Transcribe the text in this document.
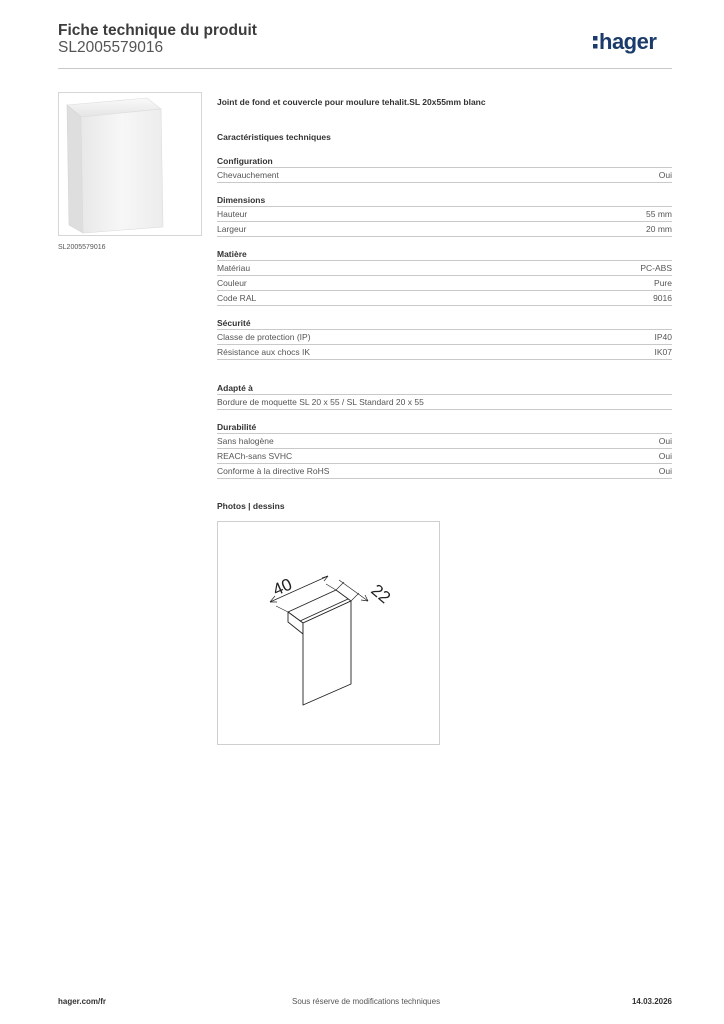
Fiche technique du produit
SL2005579016	hager
SL2005579016
Joint de fond et couvercle pour moulure tehalit.SL 20x55mm blanc
Caractéristiques techniques
Configuration
Chevauchement	Oui
Dimensions
Hauteur	55 mm
Largeur	20 mm
Matière
Matériau	PC-ABS
Couleur	Pure
Code RAL	9016
Sécurité
Classe de protection (IP)	IP40
Résistance aux chocs IK	IK07
Adapté à
Bordure de moquette SL 20 x 55 / SL Standard 20 x 55
Durabilité
Sans halogène	Oui
REACh-sans SVHC	Oui
Conforme à la directive RoHS	Oui
Photos | dessins
40	22
hager.com/fr	Sous réserve de modifications techniques	14.03.2026
